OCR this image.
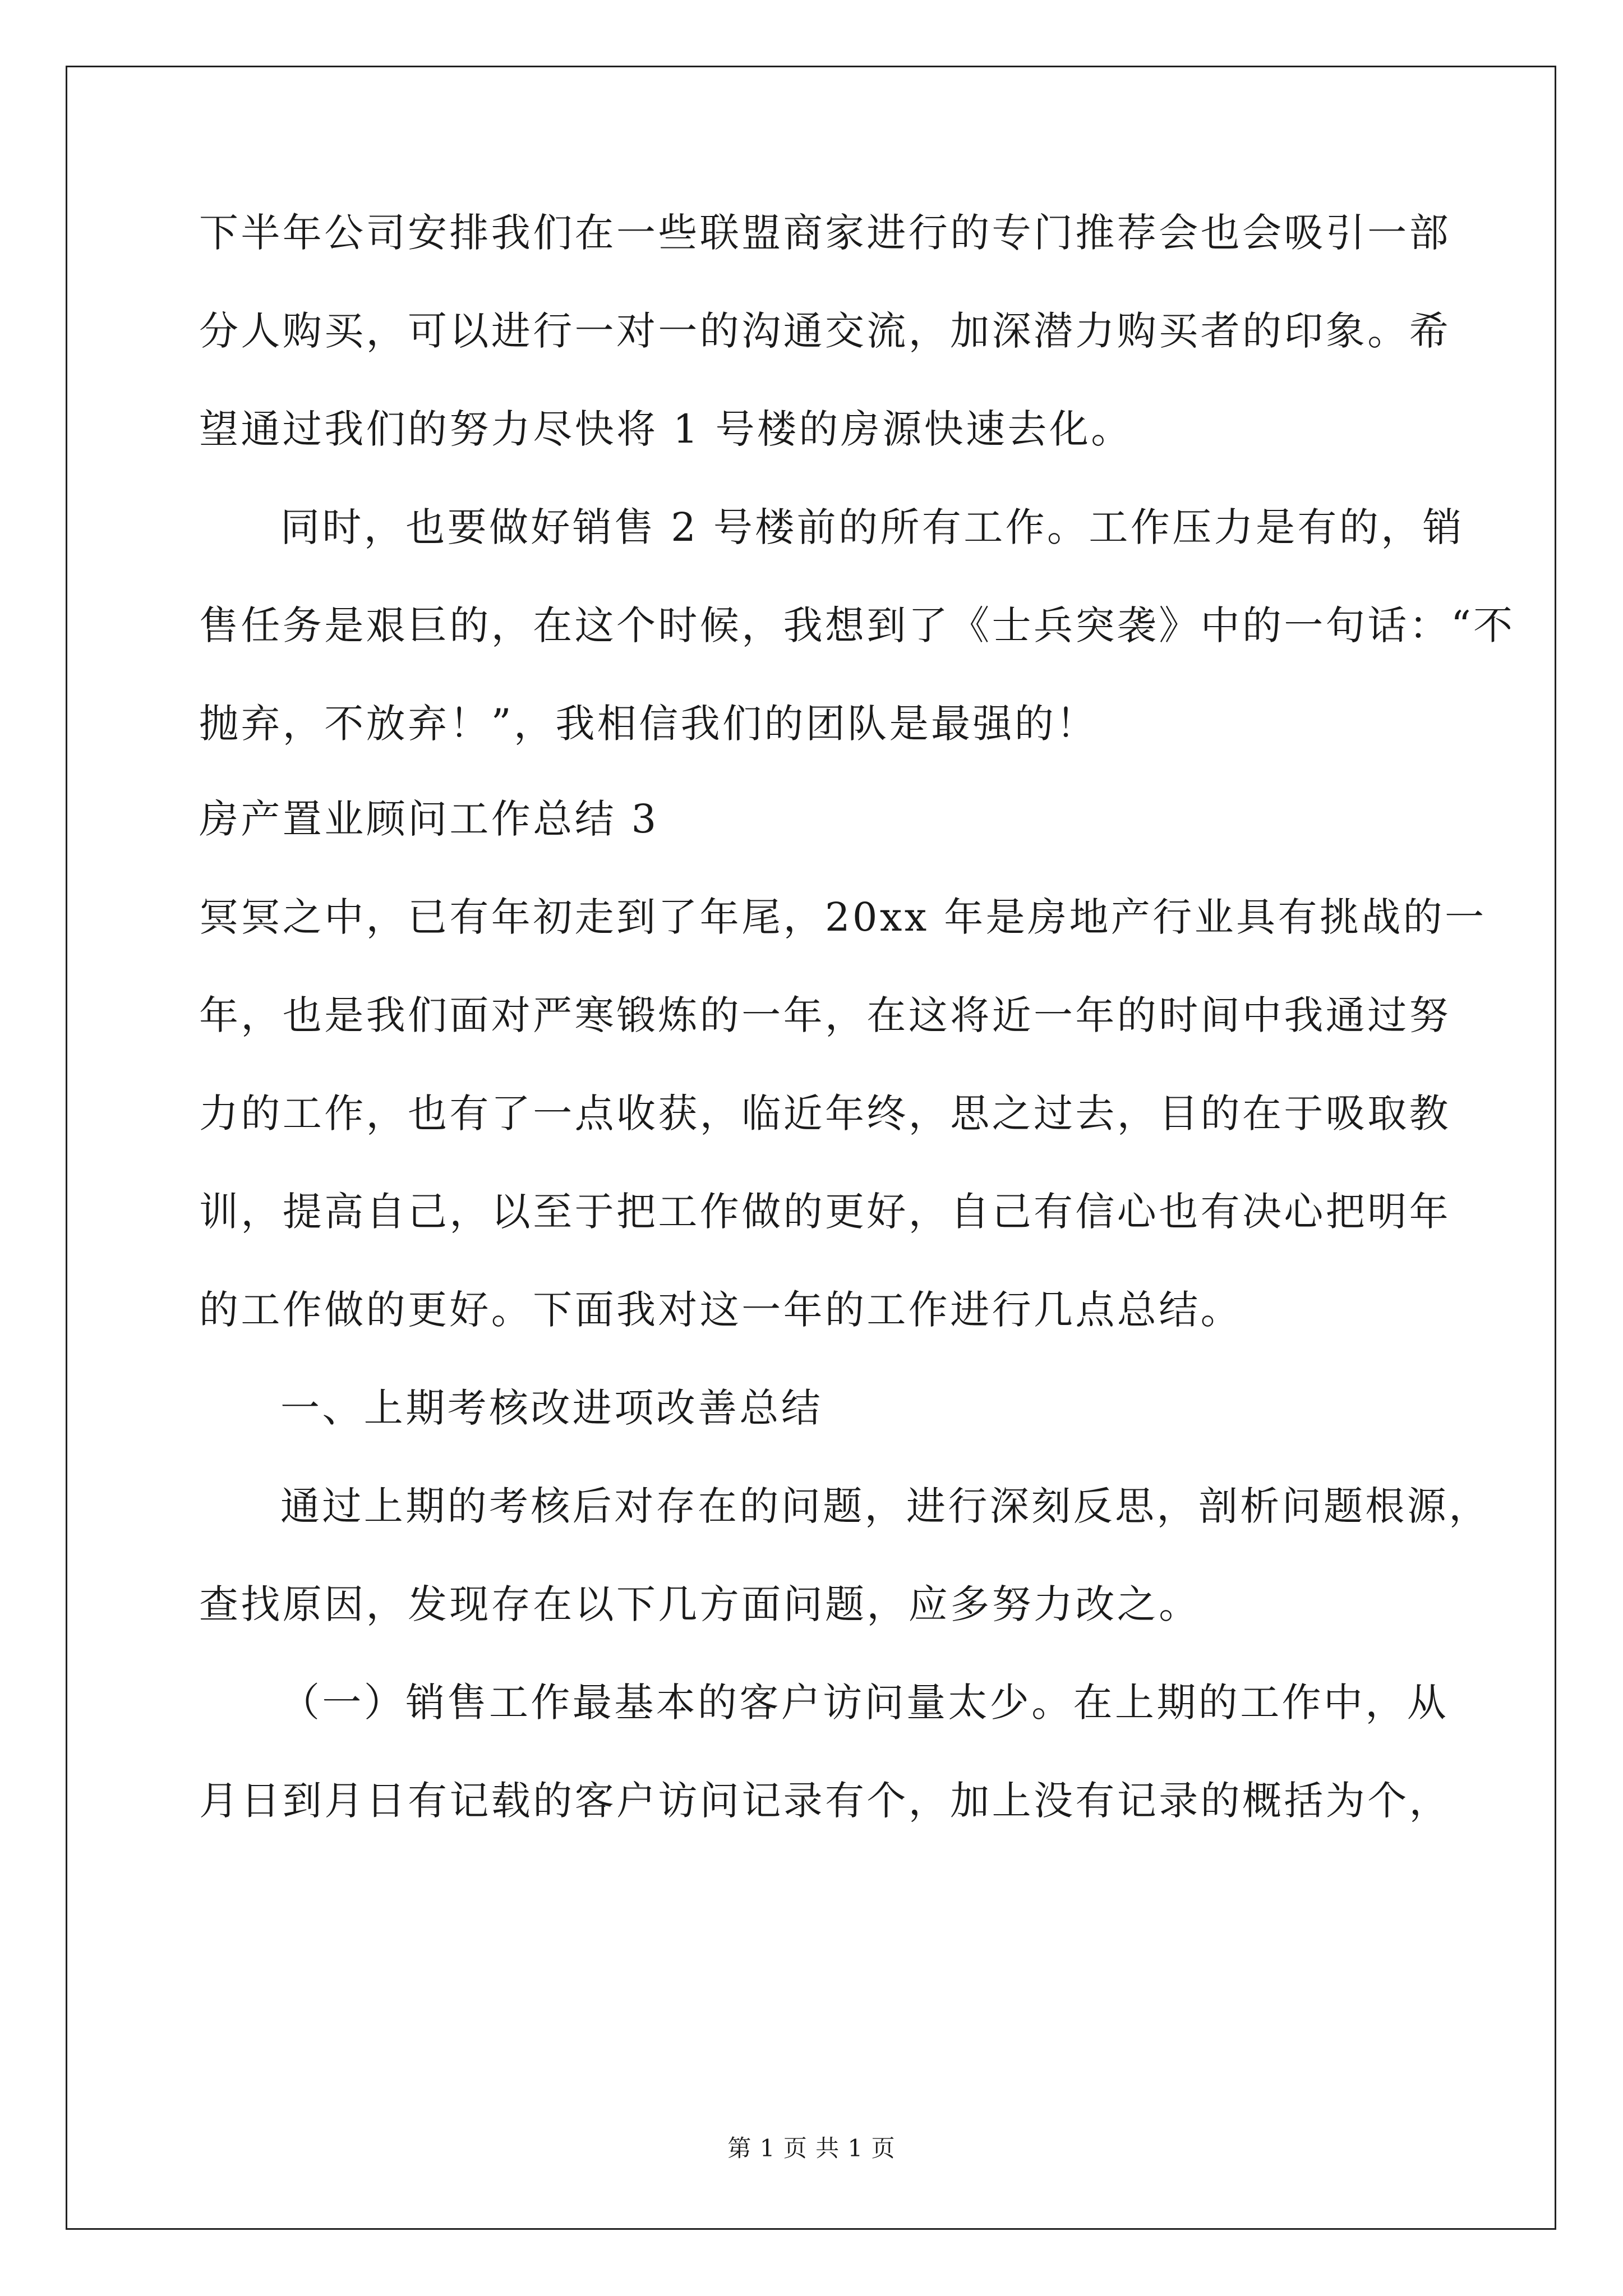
下半年公司安排我们在一些联盟商家进行的专门推荐会也会吸引一部
分人购买，可以进行一对一的沟通交流，加深潜力购买者的印象。希
望通过我们的努力尽快将 1 号楼的房源快速去化。
同时，也要做好销售 2 号楼前的所有工作。工作压力是有的，销
售任务是艰巨的，在这个时候，我想到了《士兵突袭》中的一句话：“不
抛弃，不放弃！”，我相信我们的团队是最强的！
房产置业顾问工作总结 3
冥冥之中，已有年初走到了年尾，20xx 年是房地产行业具有挑战的一
年，也是我们面对严寒锻炼的一年，在这将近一年的时间中我通过努
力的工作，也有了一点收获，临近年终，思之过去，目的在于吸取教
训，提高自己，以至于把工作做的更好，自己有信心也有决心把明年
的工作做的更好。下面我对这一年的工作进行几点总结。
一、上期考核改进项改善总结
通过上期的考核后对存在的问题，进行深刻反思，剖析问题根源，
查找原因，发现存在以下几方面问题，应多努力改之。
（一）销售工作最基本的客户访问量太少。在上期的工作中，从
月日到月日有记载的客户访问记录有个，加上没有记录的概括为个，
第 1 页 共 1 页
